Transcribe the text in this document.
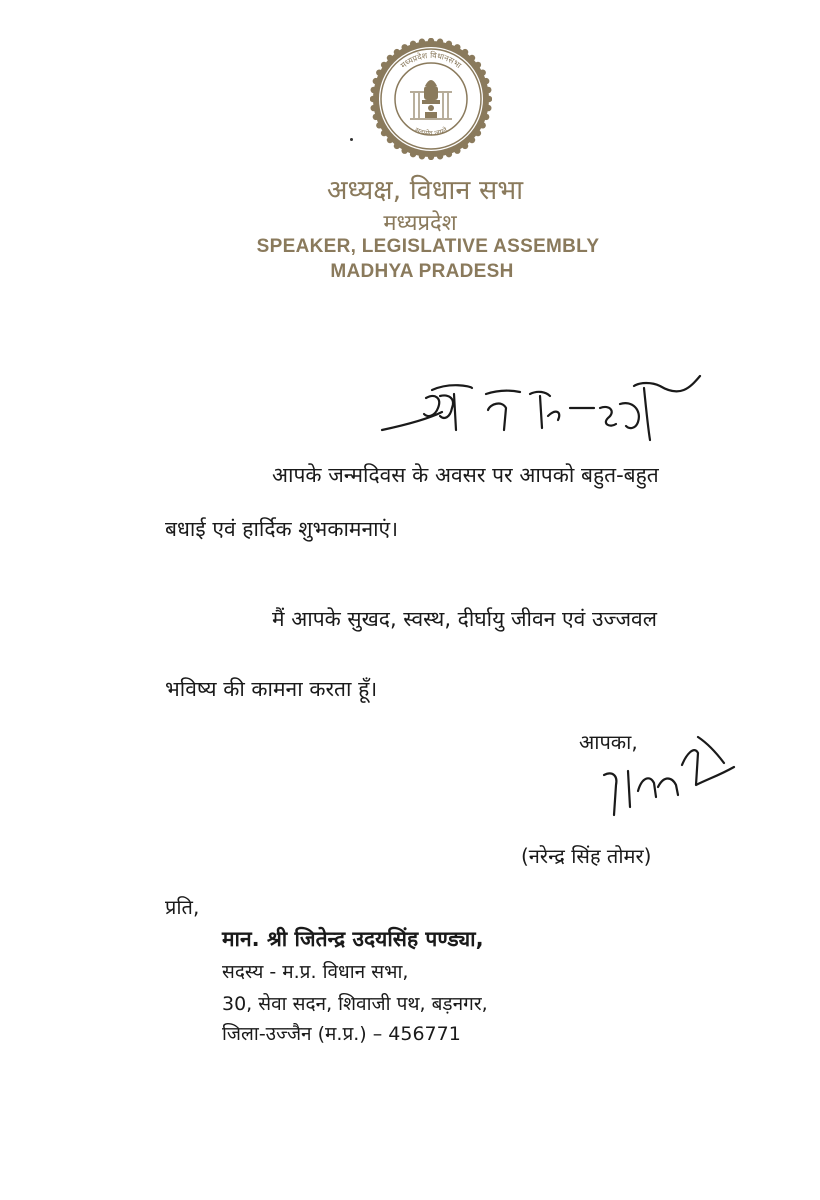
मध्यप्रदेश विधानसभा
सत्यमेव जयते
अध्यक्ष, विधान सभा
मध्यप्रदेश
SPEAKER, LEGISLATIVE ASSEMBLY
MADHYA PRADESH
श्री जितेन्द्र जी
आपके जन्मदिवस के अवसर पर आपको बहुत-बहुत
बधाई एवं हार्दिक शुभकामनाएं।
मैं आपके सुखद, स्वस्थ, दीर्घायु जीवन एवं उज्जवल
भविष्य की कामना करता हूँ।
आपका,
(नरेन्द्र सिंह तोमर)
प्रति,
मान. श्री जितेन्द्र उदयसिंह पण्ड्या,
सदस्य - म.प्र. विधान सभा,
30, सेवा सदन, शिवाजी पथ, बड़नगर,
जिला-उज्जैन (म.प्र.) – 456771
